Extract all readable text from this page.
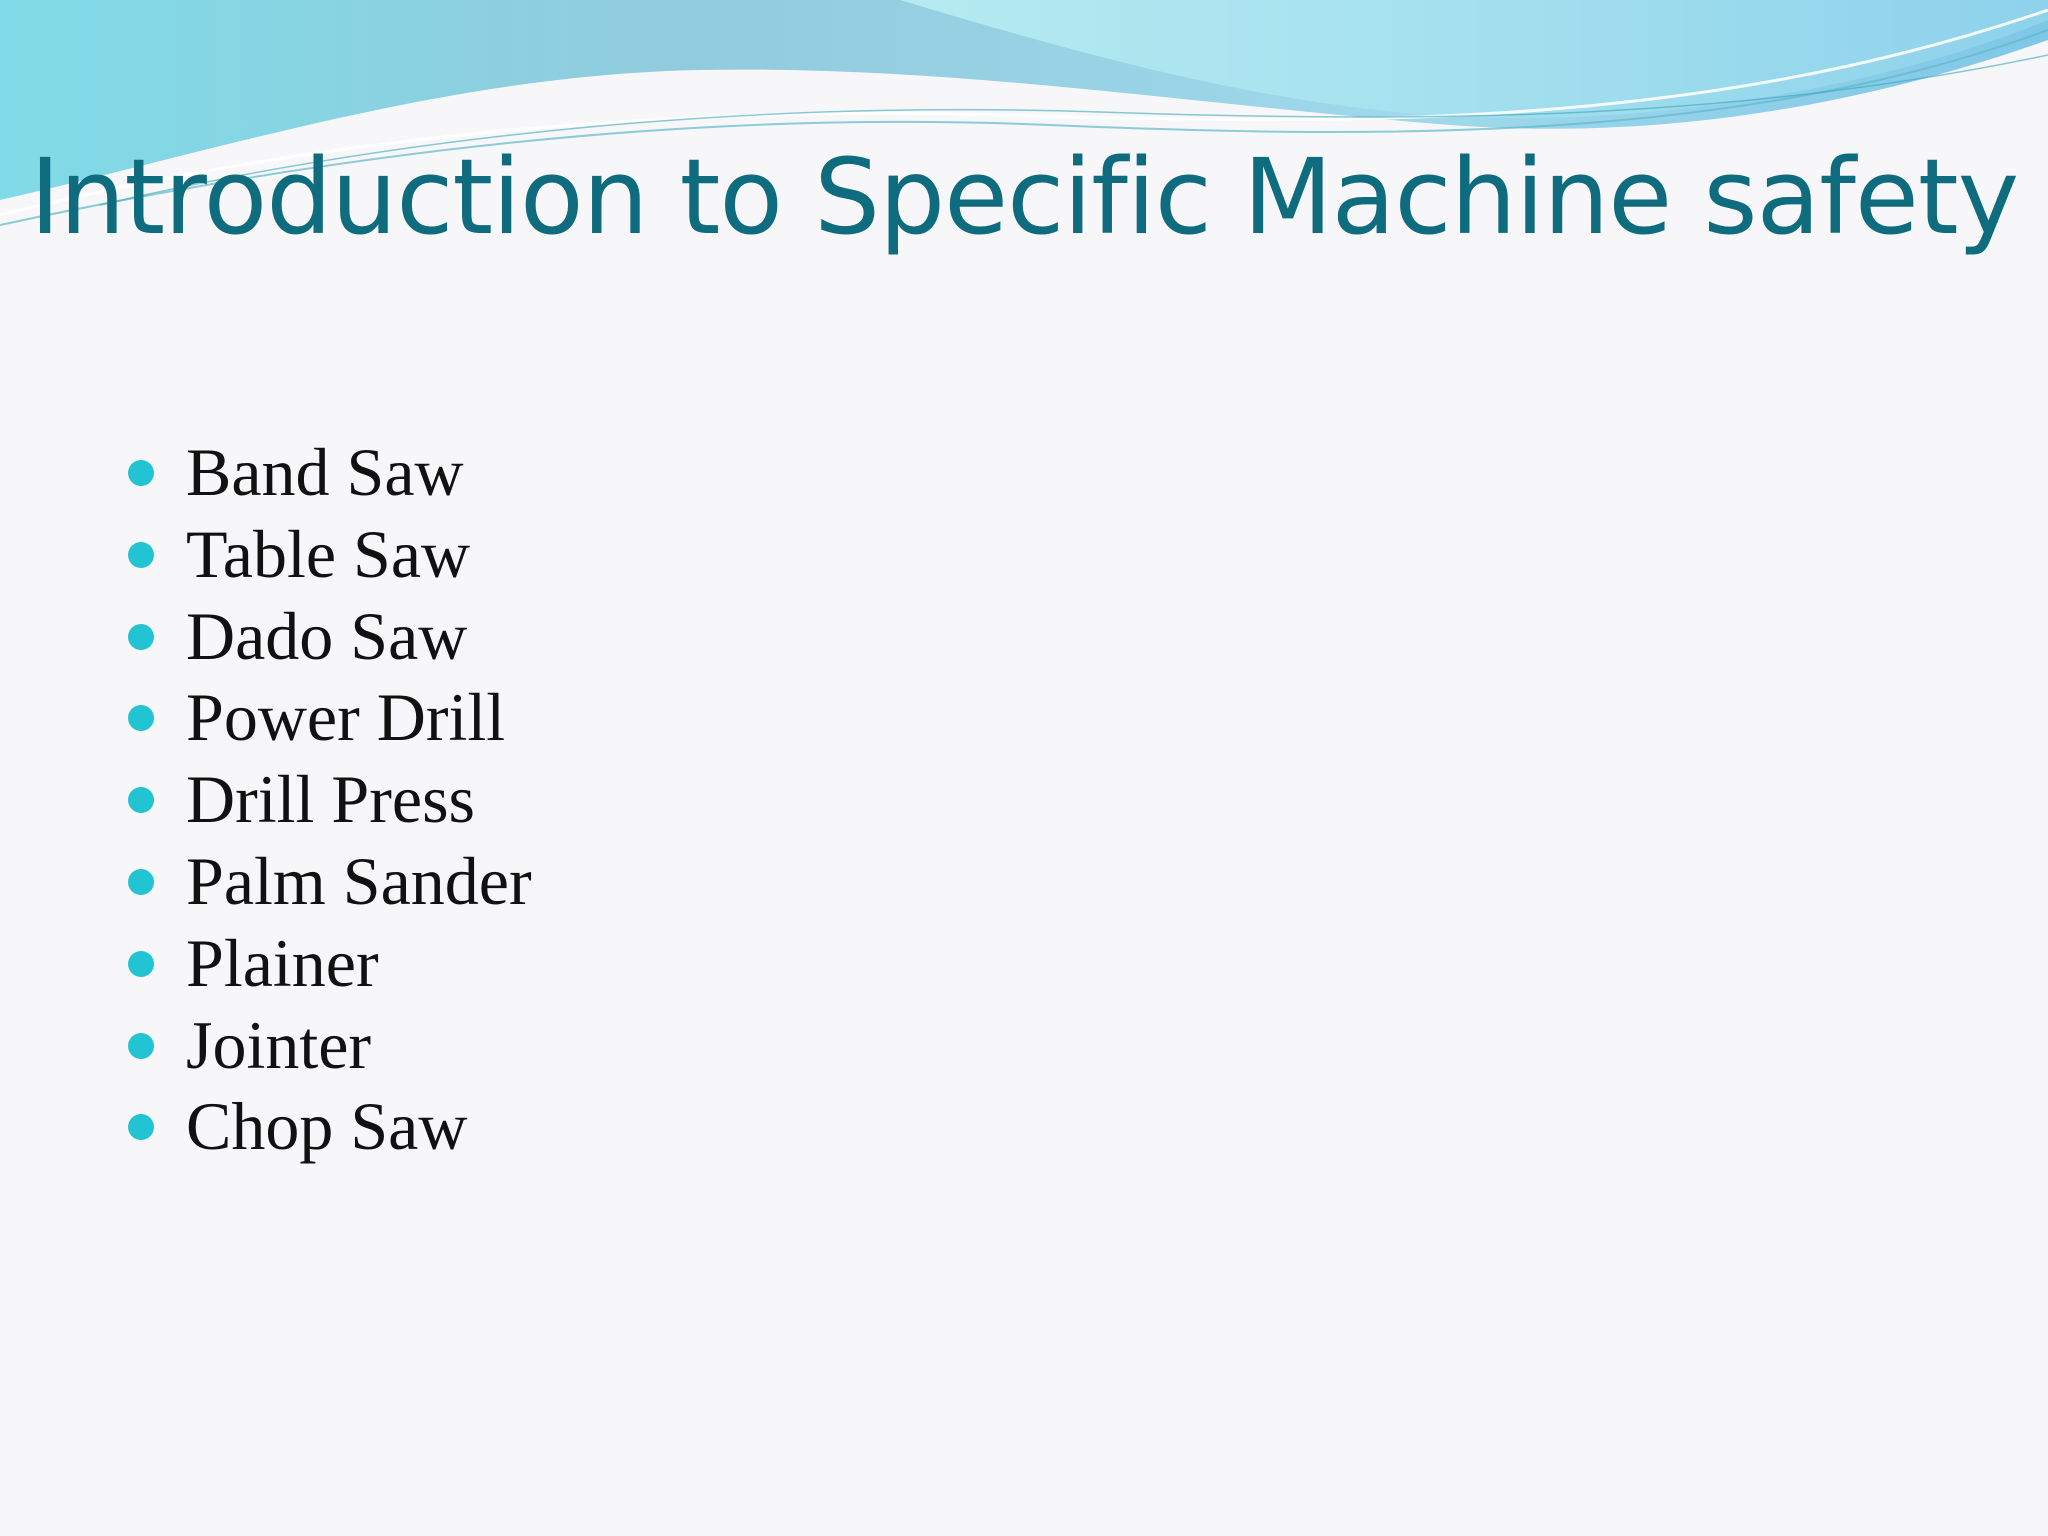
Introduction to Specific Machine safety
Band Saw
Table Saw
Dado Saw
Power Drill
Drill Press
Palm Sander
Plainer
Jointer
Chop Saw
